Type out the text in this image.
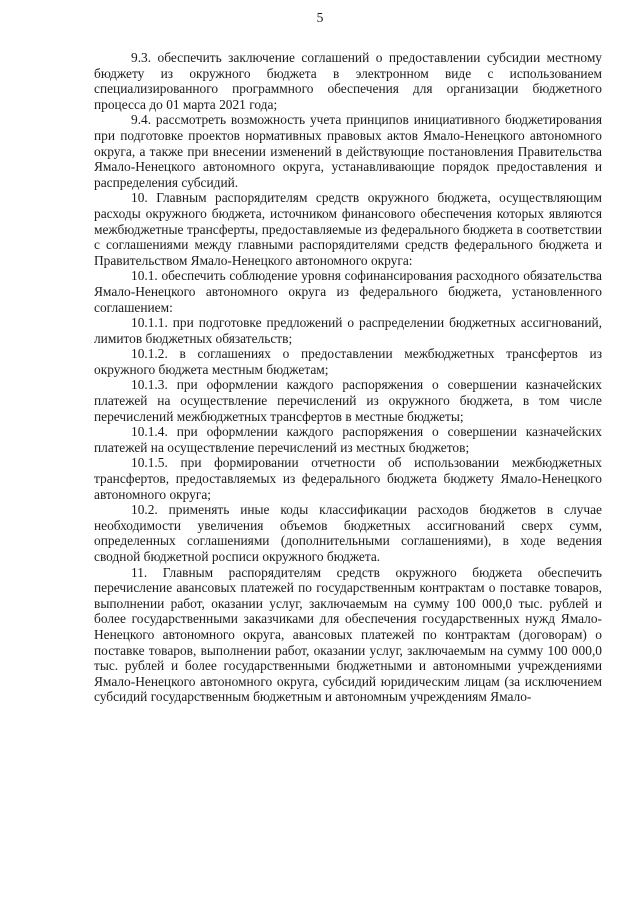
5

9.3. обеспечить заключение соглашений о предоставлении субсидии местному бюджету из окружного бюджета в электронном виде с использованием специализированного программного обеспечения для организации бюджетного процесса до 01 марта 2021 года;

9.4. рассмотреть возможность учета принципов инициативного бюджетирования при подготовке проектов нормативных правовых актов Ямало-Ненецкого автономного округа, а также при внесении изменений в действующие постановления Правительства Ямало-Ненецкого автономного округа, устанавливающие порядок предоставления и распределения субсидий.

10. Главным распорядителям средств окружного бюджета, осуществляющим расходы окружного бюджета, источником финансового обеспечения которых являются межбюджетные трансферты, предоставляемые из федерального бюджета в соответствии с соглашениями между главными распорядителями средств федерального бюджета и Правительством Ямало-Ненецкого автономного округа:

10.1. обеспечить соблюдение уровня софинансирования расходного обязательства Ямало-Ненецкого автономного округа из федерального бюджета, установленного соглашением:

10.1.1. при подготовке предложений о распределении бюджетных ассигнований, лимитов бюджетных обязательств;

10.1.2. в соглашениях о предоставлении межбюджетных трансфертов из окружного бюджета местным бюджетам;

10.1.3. при оформлении каждого распоряжения о совершении казначейских платежей на осуществление перечислений из окружного бюджета, в том числе перечислений межбюджетных трансфертов в местные бюджеты;

10.1.4. при оформлении каждого распоряжения о совершении казначейских платежей на осуществление перечислений из местных бюджетов;

10.1.5. при формировании отчетности об использовании межбюджетных трансфертов, предоставляемых из федерального бюджета бюджету Ямало-Ненецкого автономного округа;

10.2. применять иные коды классификации расходов бюджетов в случае необходимости увеличения объемов бюджетных ассигнований сверх сумм, определенных соглашениями (дополнительными соглашениями), в ходе ведения сводной бюджетной росписи окружного бюджета.

11. Главным распорядителям средств окружного бюджета обеспечить перечисление авансовых платежей по государственным контрактам о поставке товаров, выполнении работ, оказании услуг, заключаемым на сумму 100 000,0 тыс. рублей и более государственными заказчиками для обеспечения государственных нужд Ямало-Ненецкого автономного округа, авансовых платежей по контрактам (договорам) о поставке товаров, выполнении работ, оказании услуг, заключаемым на сумму 100 000,0 тыс. рублей и более государственными бюджетными и автономными учреждениями Ямало-Ненецкого автономного округа, субсидий юридическим лицам (за исключением субсидий государственным бюджетным и автономным учреждениям Ямало-
